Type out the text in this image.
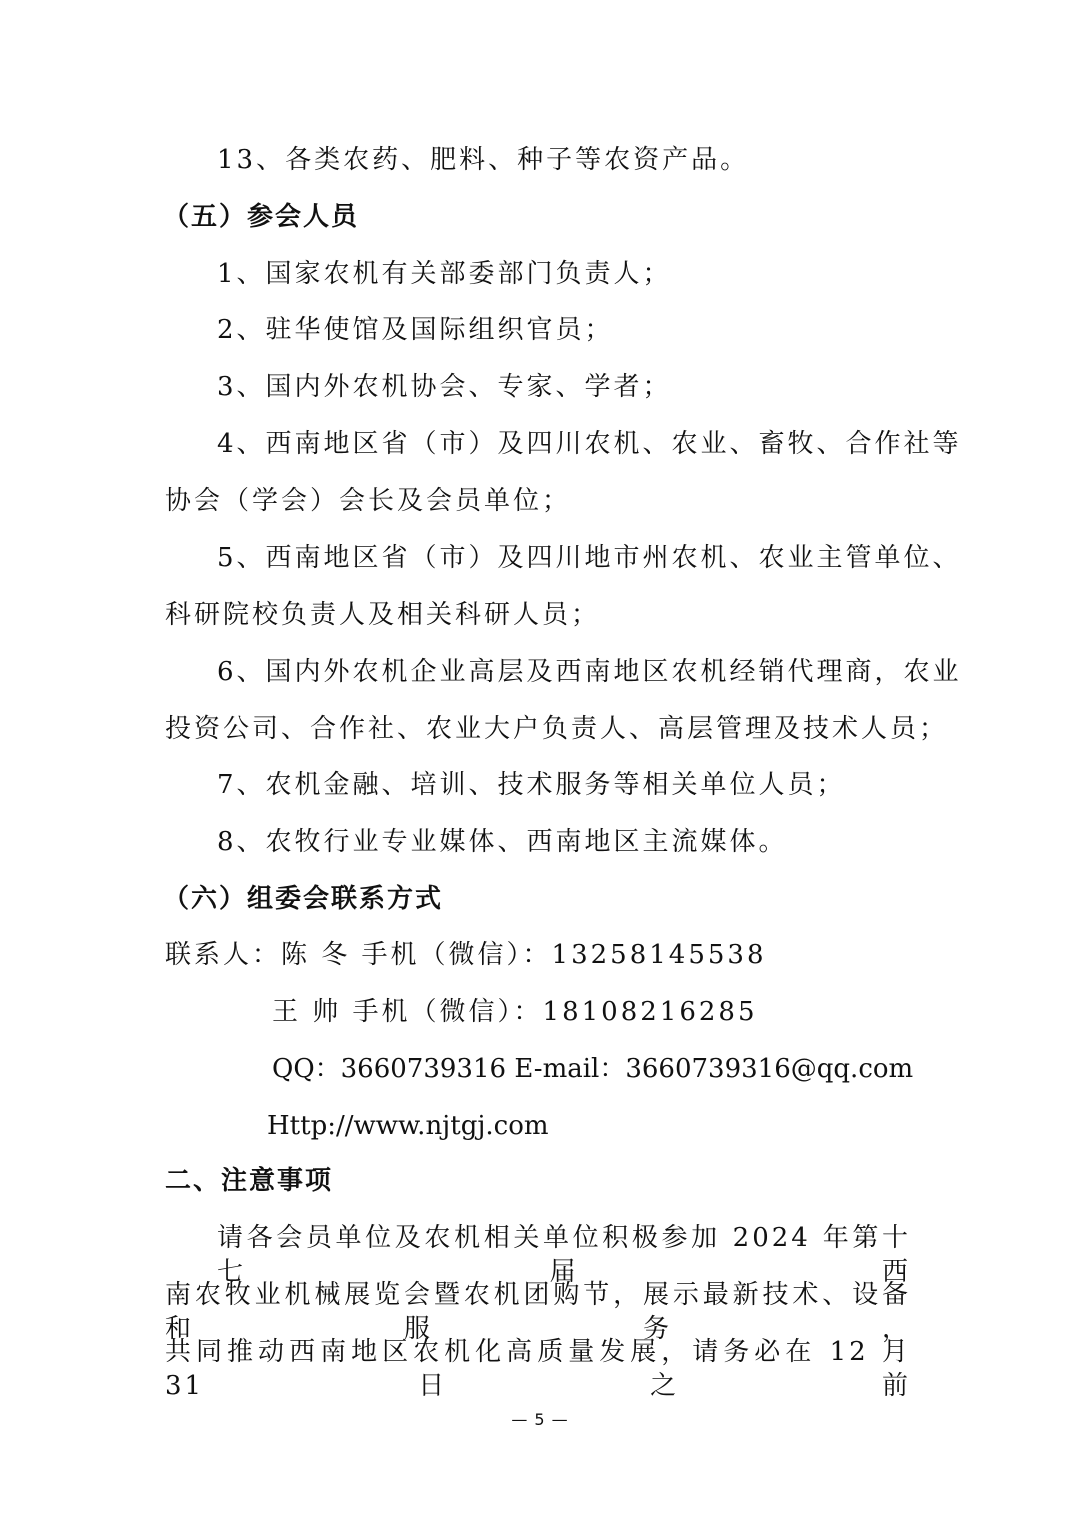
13、各类农药、肥料、种子等农资产品。
（五）参会人员
1、国家农机有关部委部门负责人；
2、驻华使馆及国际组织官员；
3、国内外农机协会、专家、学者；
4、西南地区省（市）及四川农机、农业、畜牧、合作社等
协会（学会）会长及会员单位；
5、西南地区省（市）及四川地市州农机、农业主管单位、
科研院校负责人及相关科研人员；
6、国内外农机企业高层及西南地区农机经销代理商，农业
投资公司、合作社、农业大户负责人、高层管理及技术人员；
7、农机金融、培训、技术服务等相关单位人员；
8、农牧行业专业媒体、西南地区主流媒体。
（六）组委会联系方式
联系人：陈 冬 手机（微信）：13258145538
王 帅 手机（微信）：18108216285
QQ：3660739316 E-mail：3660739316@qq.com
Http://www.njtgj.com
二、注意事项
请各会员单位及农机相关单位积极参加 2024 年第十七届西
南农牧业机械展览会暨农机团购节，展示最新技术、设备和服务，
共同推动西南地区农机化高质量发展，请务必在 12 月 31 日之前
— 5 —
